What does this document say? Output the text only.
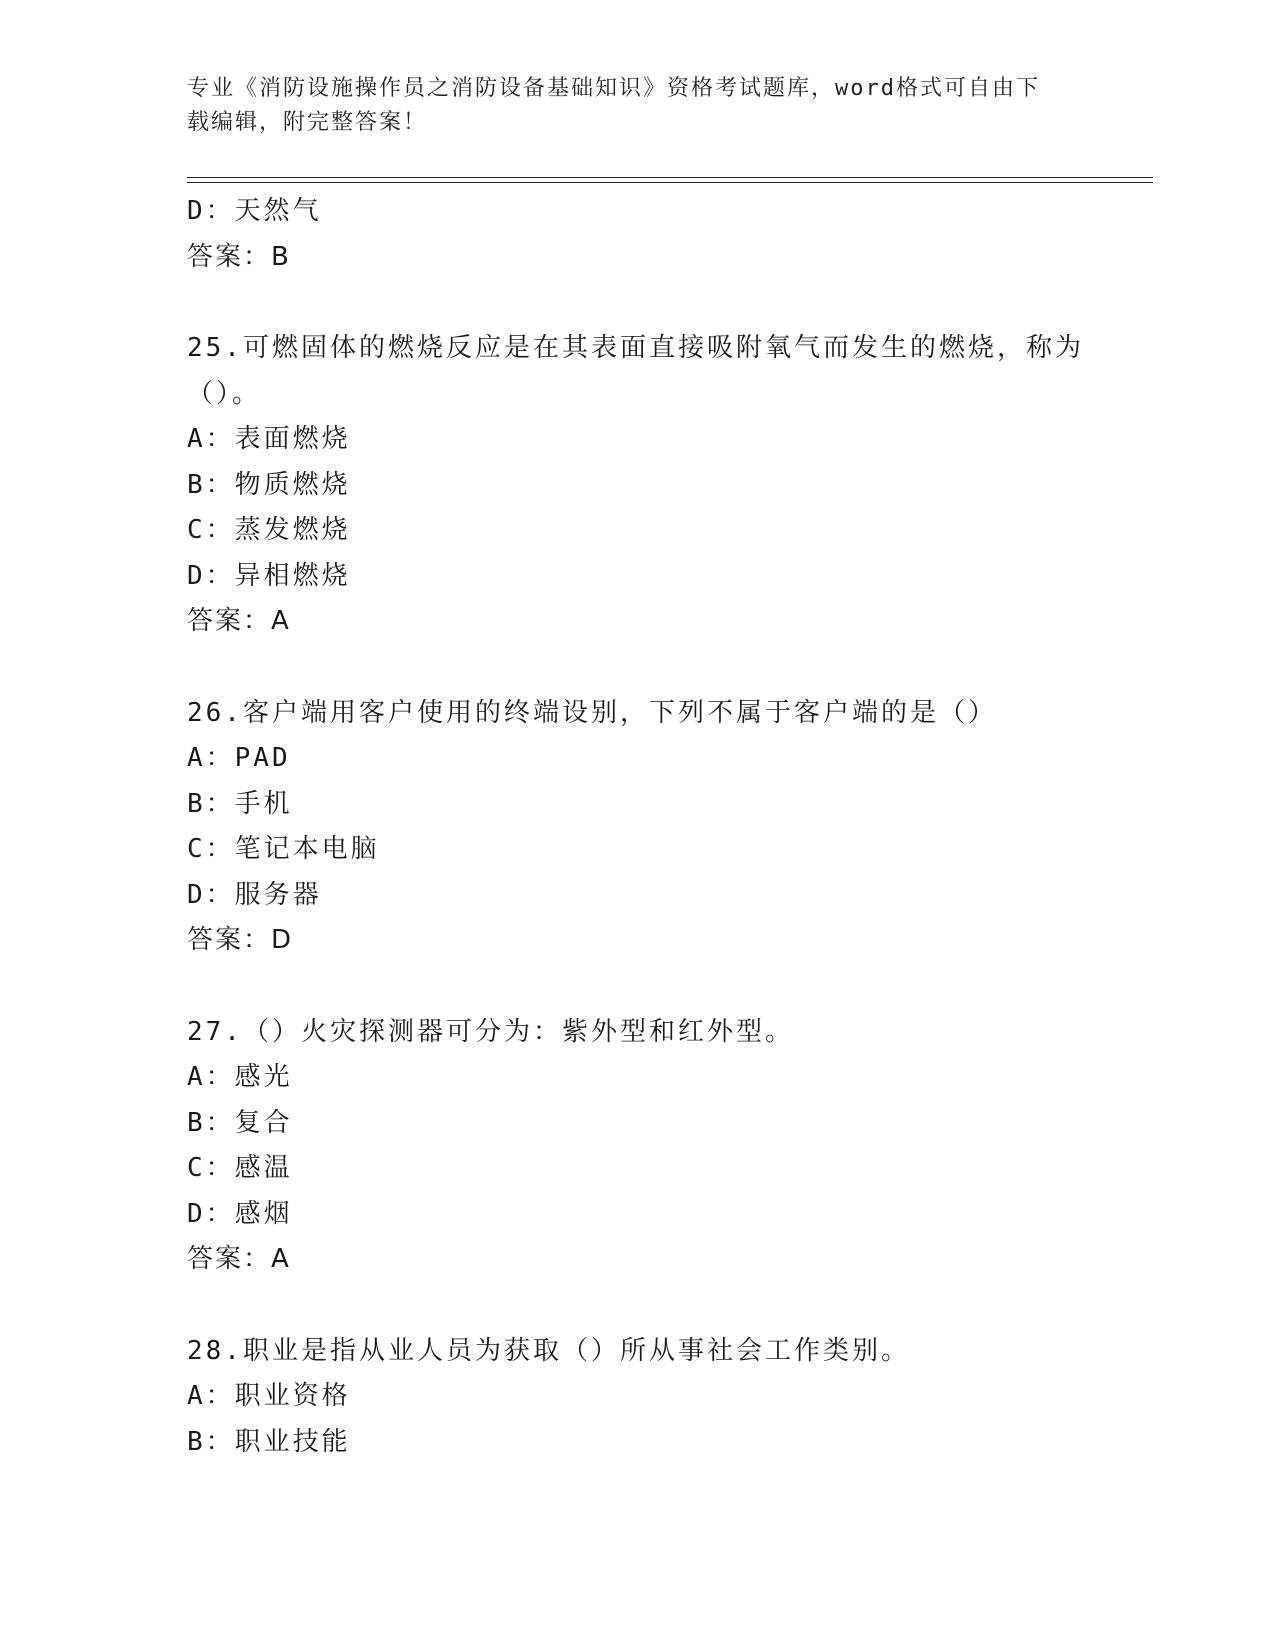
专业《消防设施操作员之消防设备基础知识》资格考试题库，word格式可自由下
载编辑，附完整答案！
D：天然气
答案：B
25.可燃固体的燃烧反应是在其表面直接吸附氧气而发生的燃烧，称为
（）。
A：表面燃烧
B：物质燃烧
C：蒸发燃烧
D：异相燃烧
答案：A
26.客户端用客户使用的终端设别，下列不属于客户端的是（）
A：PAD
B：手机
C：笔记本电脑
D：服务器
答案：D
27.（）火灾探测器可分为：紫外型和红外型。
A：感光
B：复合
C：感温
D：感烟
答案：A
28.职业是指从业人员为获取（）所从事社会工作类别。
A：职业资格
B：职业技能
